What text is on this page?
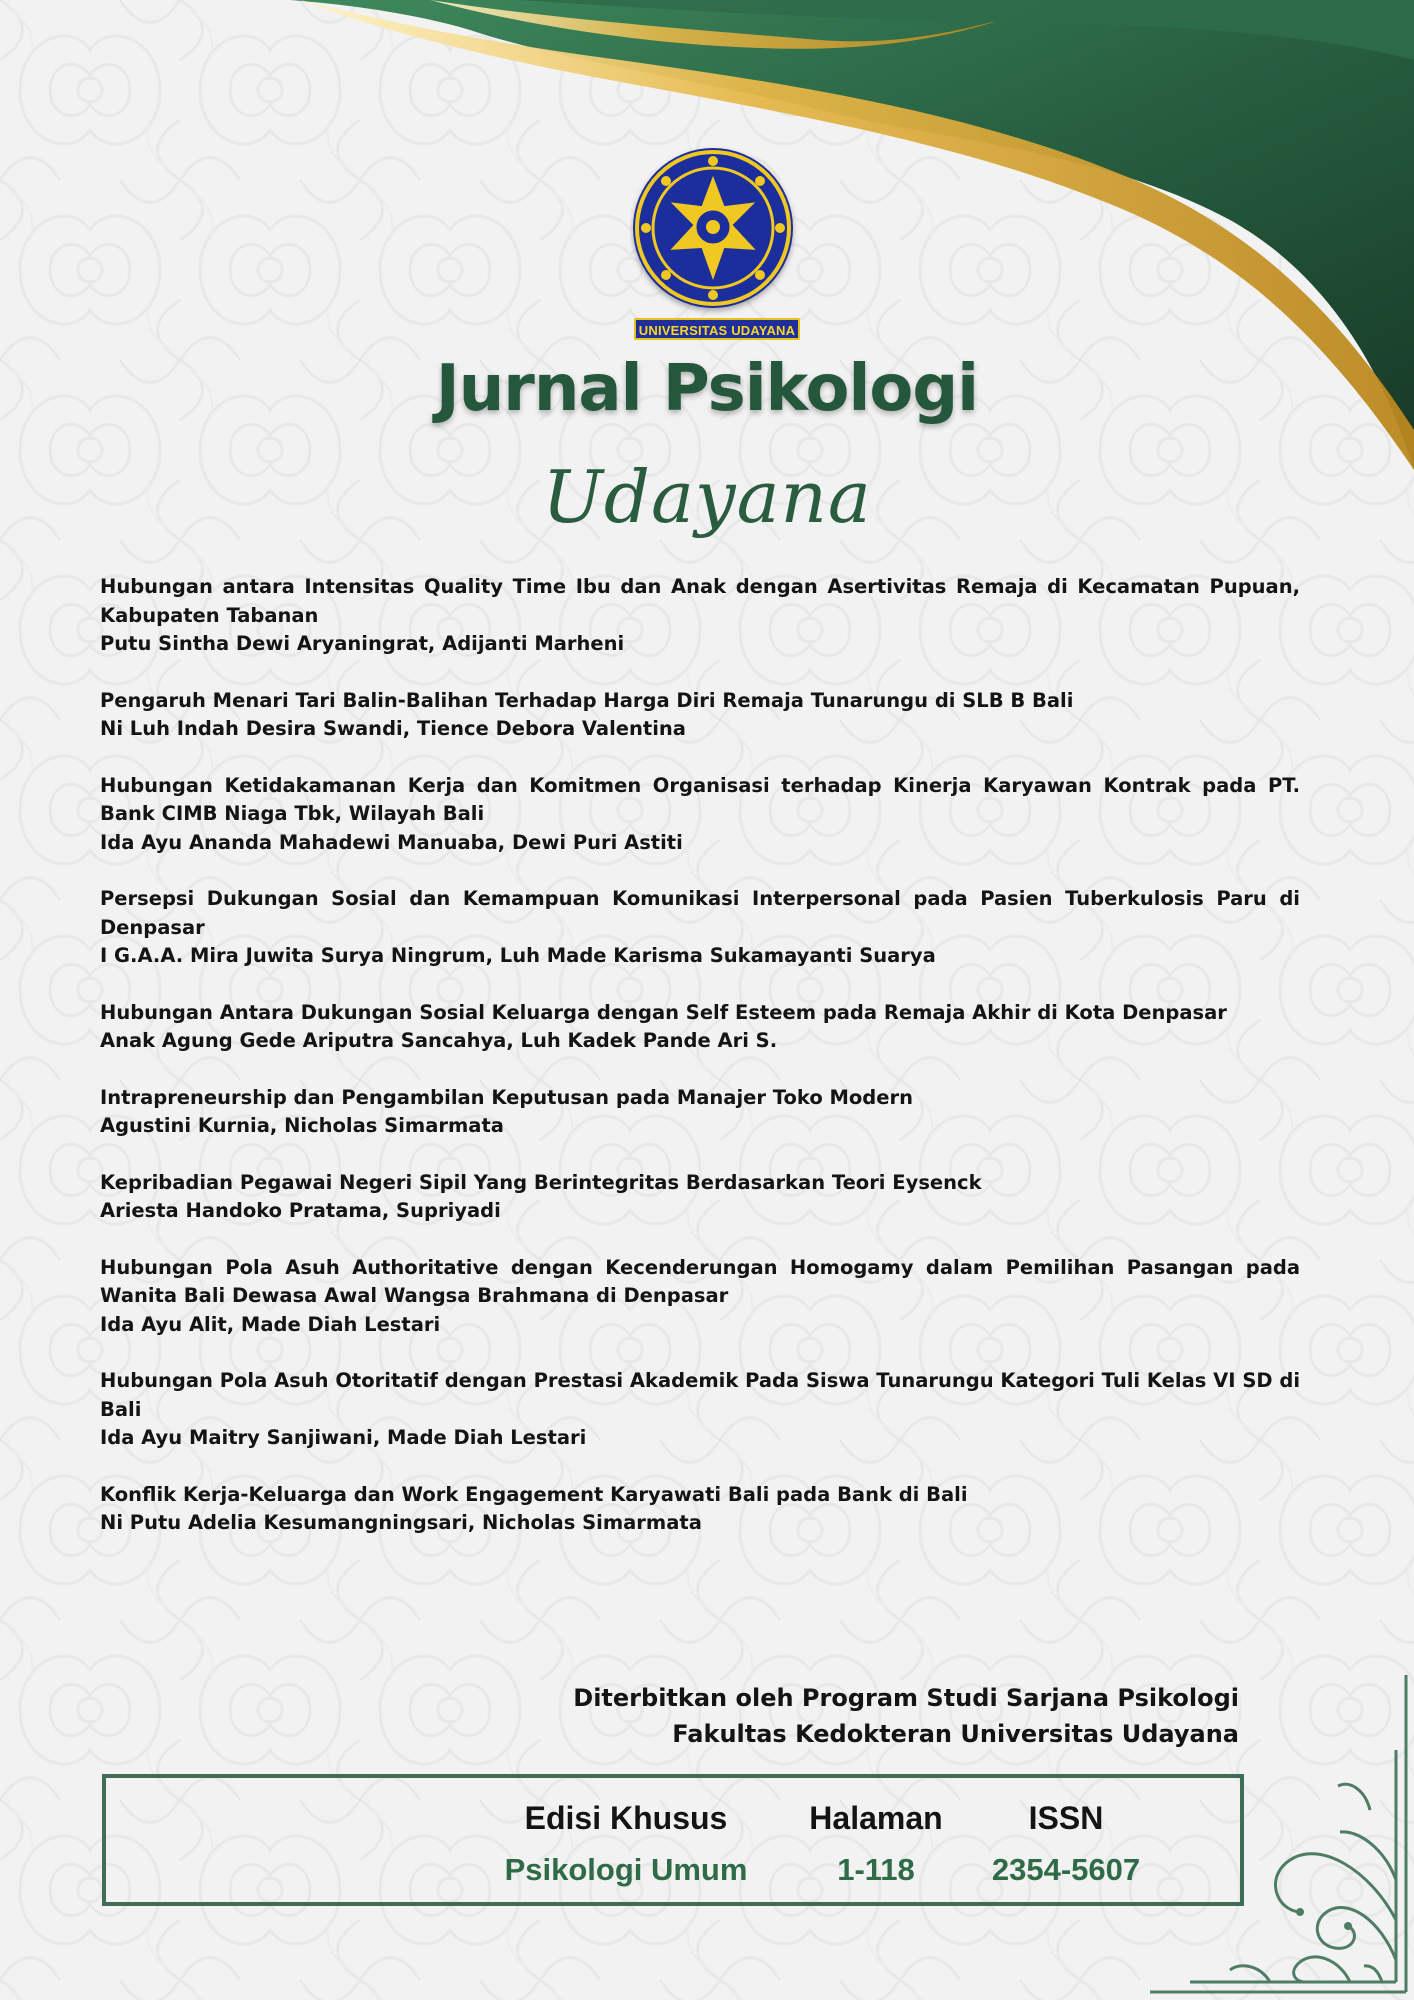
UNIVERSITAS UDAYANA
Jurnal Psikologi
Udayana
Hubungan antara Intensitas Quality Time Ibu dan Anak dengan Asertivitas Remaja di Kecamatan Pupuan, Kabupaten Tabanan
Putu Sintha Dewi Aryaningrat, Adijanti Marheni
Pengaruh Menari Tari Balin-Balihan Terhadap Harga Diri Remaja Tunarungu di SLB B Bali
Ni Luh Indah Desira Swandi, Tience Debora Valentina
Hubungan Ketidakamanan Kerja dan Komitmen Organisasi terhadap Kinerja Karyawan Kontrak pada PT. Bank CIMB Niaga Tbk, Wilayah Bali
Ida Ayu Ananda Mahadewi Manuaba, Dewi Puri Astiti
Persepsi Dukungan Sosial dan Kemampuan Komunikasi Interpersonal pada Pasien Tuberkulosis Paru di Denpasar
I G.A.A. Mira Juwita Surya Ningrum, Luh Made Karisma Sukamayanti Suarya
Hubungan Antara Dukungan Sosial Keluarga dengan Self Esteem pada Remaja Akhir di Kota Denpasar
Anak Agung Gede Ariputra Sancahya, Luh Kadek Pande Ari S.
Intrapreneurship dan Pengambilan Keputusan pada Manajer Toko Modern
Agustini Kurnia, Nicholas Simarmata
Kepribadian Pegawai Negeri Sipil Yang Berintegritas Berdasarkan Teori Eysenck
Ariesta Handoko Pratama, Supriyadi
Hubungan Pola Asuh Authoritative dengan Kecenderungan Homogamy dalam Pemilihan Pasangan pada Wanita Bali Dewasa Awal Wangsa Brahmana di Denpasar
Ida Ayu Alit, Made Diah Lestari
Hubungan Pola Asuh Otoritatif dengan Prestasi Akademik Pada Siswa Tunarungu Kategori Tuli Kelas VI SD di Bali
Ida Ayu Maitry Sanjiwani, Made Diah Lestari
Konflik Kerja-Keluarga dan Work Engagement Karyawati Bali pada Bank di Bali
Ni Putu Adelia Kesumangningsari, Nicholas Simarmata
Diterbitkan oleh Program Studi Sarjana Psikologi
Fakultas Kedokteran Universitas Udayana
Edisi Khusus
Psikologi Umum
Halaman
1-118
ISSN
2354-5607
